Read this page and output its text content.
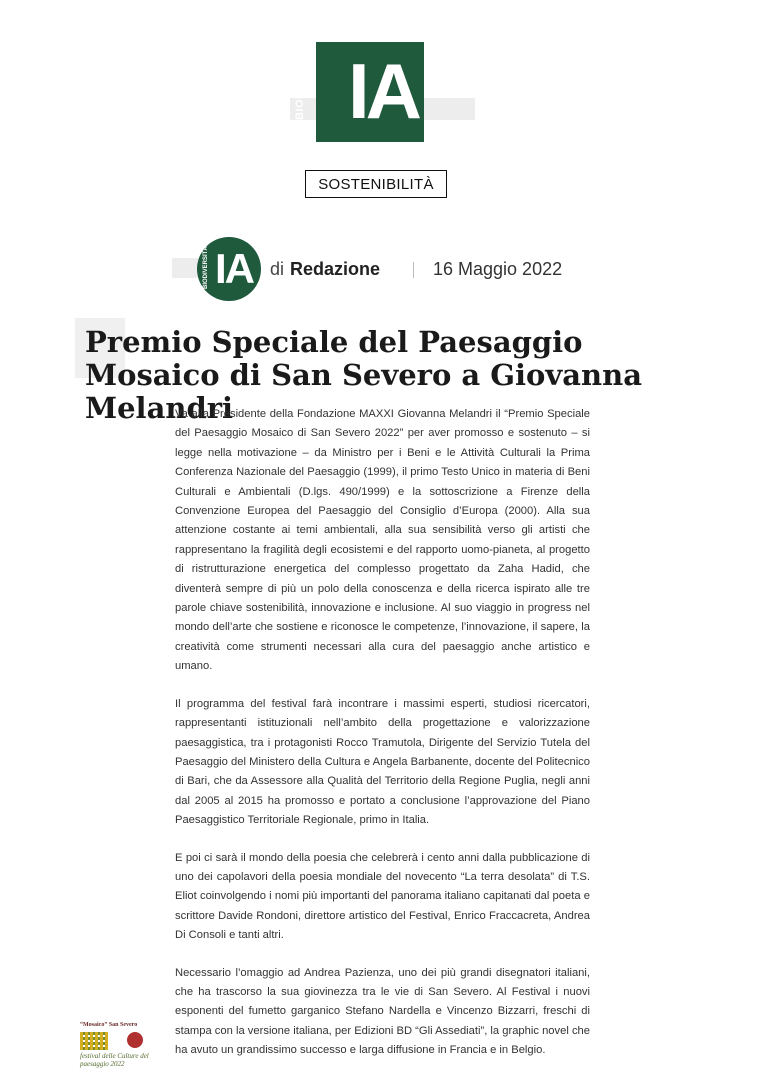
BIODIVERSITÀ IA
SOSTENIBILITÀ
BIODIVERSITÀ IA di Redazione	16 Maggio 2022
Premio Speciale del Paesaggio Mosaico di San Severo a Giovanna Melandri

Va alla Presidente della Fondazione MAXXI Giovanna Melandri il “Premio Speciale del Paesaggio Mosaico di San Severo 2022” per aver promosso e sostenuto – si legge nella motivazione – da Ministro per i Beni e le Attività Culturali la Prima Conferenza Nazionale del Paesaggio (1999), il primo Testo Unico in materia di Beni Culturali e Ambientali (D.lgs. 490/1999) e la sottoscrizione a Firenze della Convenzione Europea del Paesaggio del Consiglio d’Europa (2000). Alla sua attenzione costante ai temi ambientali, alla sua sensibilità verso gli artisti che rappresentano la fragilità degli ecosistemi e del rapporto uomo-pianeta, al progetto di ristrutturazione energetica del complesso progettato da Zaha Hadid, che diventerà sempre di più un polo della conoscenza e della ricerca ispirato alle tre parole chiave sostenibilità, innovazione e inclusione. Al suo viaggio in progress nel mondo dell’arte che sostiene e riconosce le competenze, l’innovazione, il sapere, la creatività come strumenti necessari alla cura del paesaggio anche artistico e umano.

Il programma del festival farà incontrare i massimi esperti, studiosi ricercatori, rappresentanti istituzionali nell’ambito della progettazione e valorizzazione paesaggistica, tra i protagonisti Rocco Tramutola, Dirigente del Servizio Tutela del Paesaggio del Ministero della Cultura e Angela Barbanente, docente del Politecnico di Bari, che da Assessore alla Qualità del Territorio della Regione Puglia, negli anni dal 2005 al 2015 ha promosso e portato a conclusione l’approvazione del Piano Paesaggistico Territoriale Regionale, primo in Italia.

E poi ci sarà il mondo della poesia che celebrerà i cento anni dalla pubblicazione di uno dei capolavori della poesia mondiale del novecento “La terra desolata” di T.S. Eliot coinvolgendo i nomi più importanti del panorama italiano capitanati dal poeta e scrittore Davide Rondoni, direttore artistico del Festival, Enrico Fraccacreta, Andrea Di Consoli e tanti altri.

Necessario l’omaggio ad Andrea Pazienza, uno dei più grandi disegnatori italiani, che ha trascorso la sua giovinezza tra le vie di San Severo. Al Festival i nuovi esponenti del fumetto garganico Stefano Nardella e Vincenzo Bizzarri, freschi di stampa con la versione italiana, per Edizioni BD “Gli Assediati”, la graphic novel che ha avuto un grandissimo successo e larga diffusione in Francia e in Belgio.

“Mosaico” San Severo
festival delle Culture del paesaggio 2022
